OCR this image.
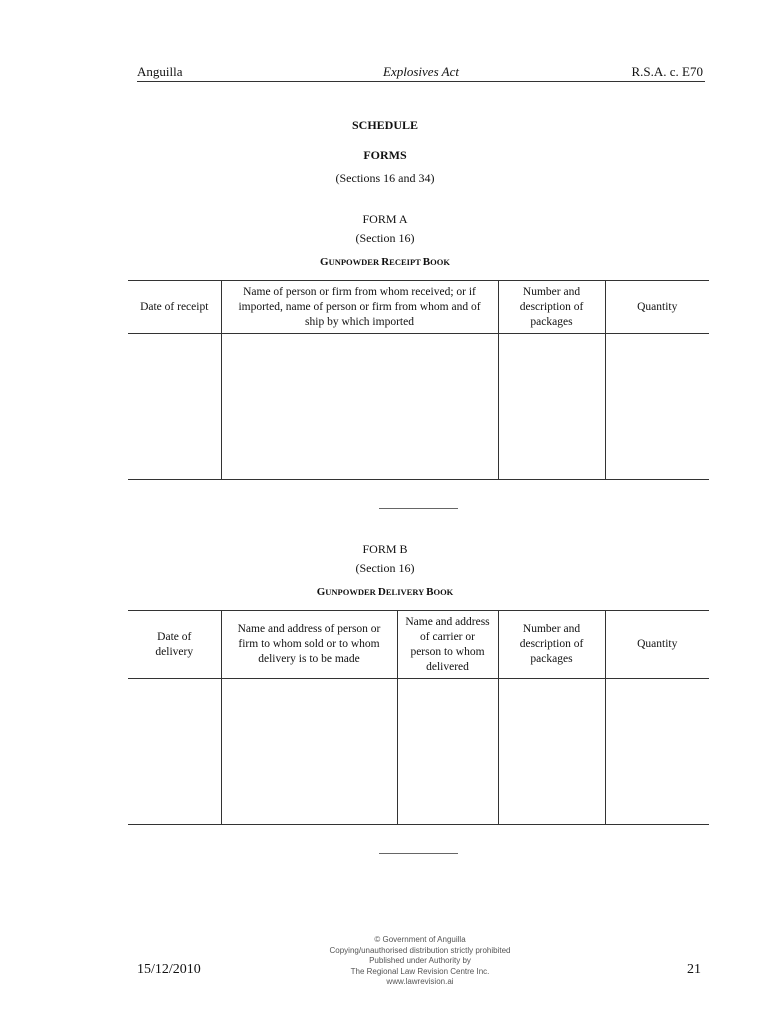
Anguilla	Explosives Act	R.S.A. c. E70
SCHEDULE
FORMS
(Sections 16 and 34)
FORM A
(Section 16)
GUNPOWDER RECEIPT BOOK
Date of receipt	Name of person or firm from whom received; or if imported, name of person or firm from whom and of ship by which imported	Number and description of packages	Quantity

FORM B
(Section 16)
GUNPOWDER DELIVERY BOOK
Date of delivery	Name and address of person or firm to whom sold or to whom delivery is to be made	Name and address of carrier or person to whom delivered	Number and description of packages	Quantity

© Government of Anguilla
Copying/unauthorised distribution strictly prohibited
Published under Authority by
The Regional Law Revision Centre Inc.
www.lawrevision.ai
15/12/2010	21
